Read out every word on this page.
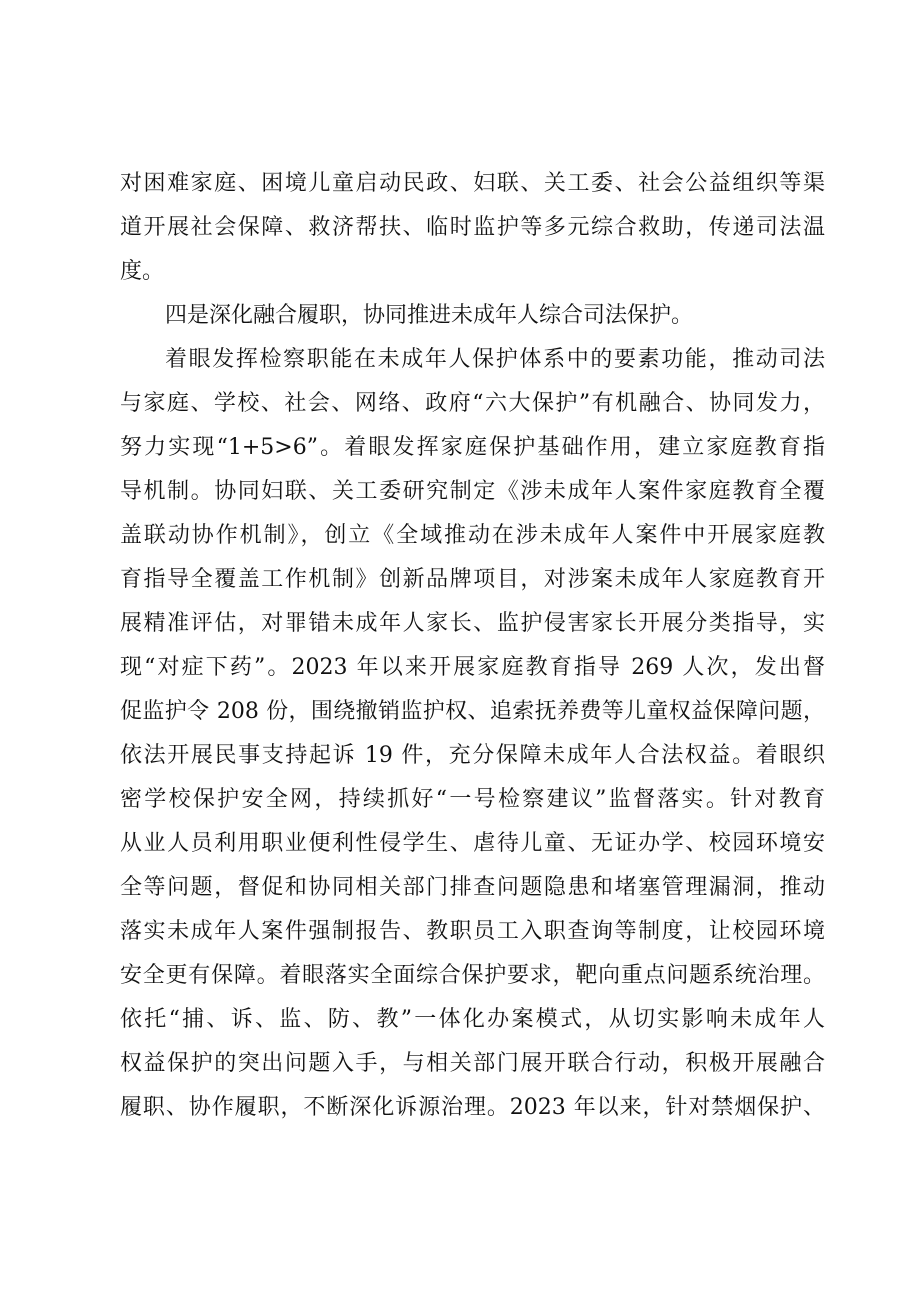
对困难家庭、困境儿童启动民政、妇联、关工委、社会公益组织等渠
道开展社会保障、救济帮扶、临时监护等多元综合救助，传递司法温
度。
四是深化融合履职，协同推进未成年人综合司法保护。
着眼发挥检察职能在未成年人保护体系中的要素功能，推动司法
与家庭、学校、社会、网络、政府“六大保护”有机融合、协同发力，
努力实现“1+5>6”。着眼发挥家庭保护基础作用，建立家庭教育指
导机制。协同妇联、关工委研究制定《涉未成年人案件家庭教育全覆
盖联动协作机制》，创立《全域推动在涉未成年人案件中开展家庭教
育指导全覆盖工作机制》创新品牌项目，对涉案未成年人家庭教育开
展精准评估，对罪错未成年人家长、监护侵害家长开展分类指导，实
现“对症下药”。2023 年以来开展家庭教育指导 269 人次，发出督
促监护令 208 份，围绕撤销监护权、追索抚养费等儿童权益保障问题，
依法开展民事支持起诉 19 件，充分保障未成年人合法权益。着眼织
密学校保护安全网，持续抓好“一号检察建议”监督落实。针对教育
从业人员利用职业便利性侵学生、虐待儿童、无证办学、校园环境安
全等问题，督促和协同相关部门排查问题隐患和堵塞管理漏洞，推动
落实未成年人案件强制报告、教职员工入职查询等制度，让校园环境
安全更有保障。着眼落实全面综合保护要求，靶向重点问题系统治理。
依托“捕、诉、监、防、教”一体化办案模式，从切实影响未成年人
权益保护的突出问题入手，与相关部门展开联合行动，积极开展融合
履职、协作履职，不断深化诉源治理。2023 年以来，针对禁烟保护、
